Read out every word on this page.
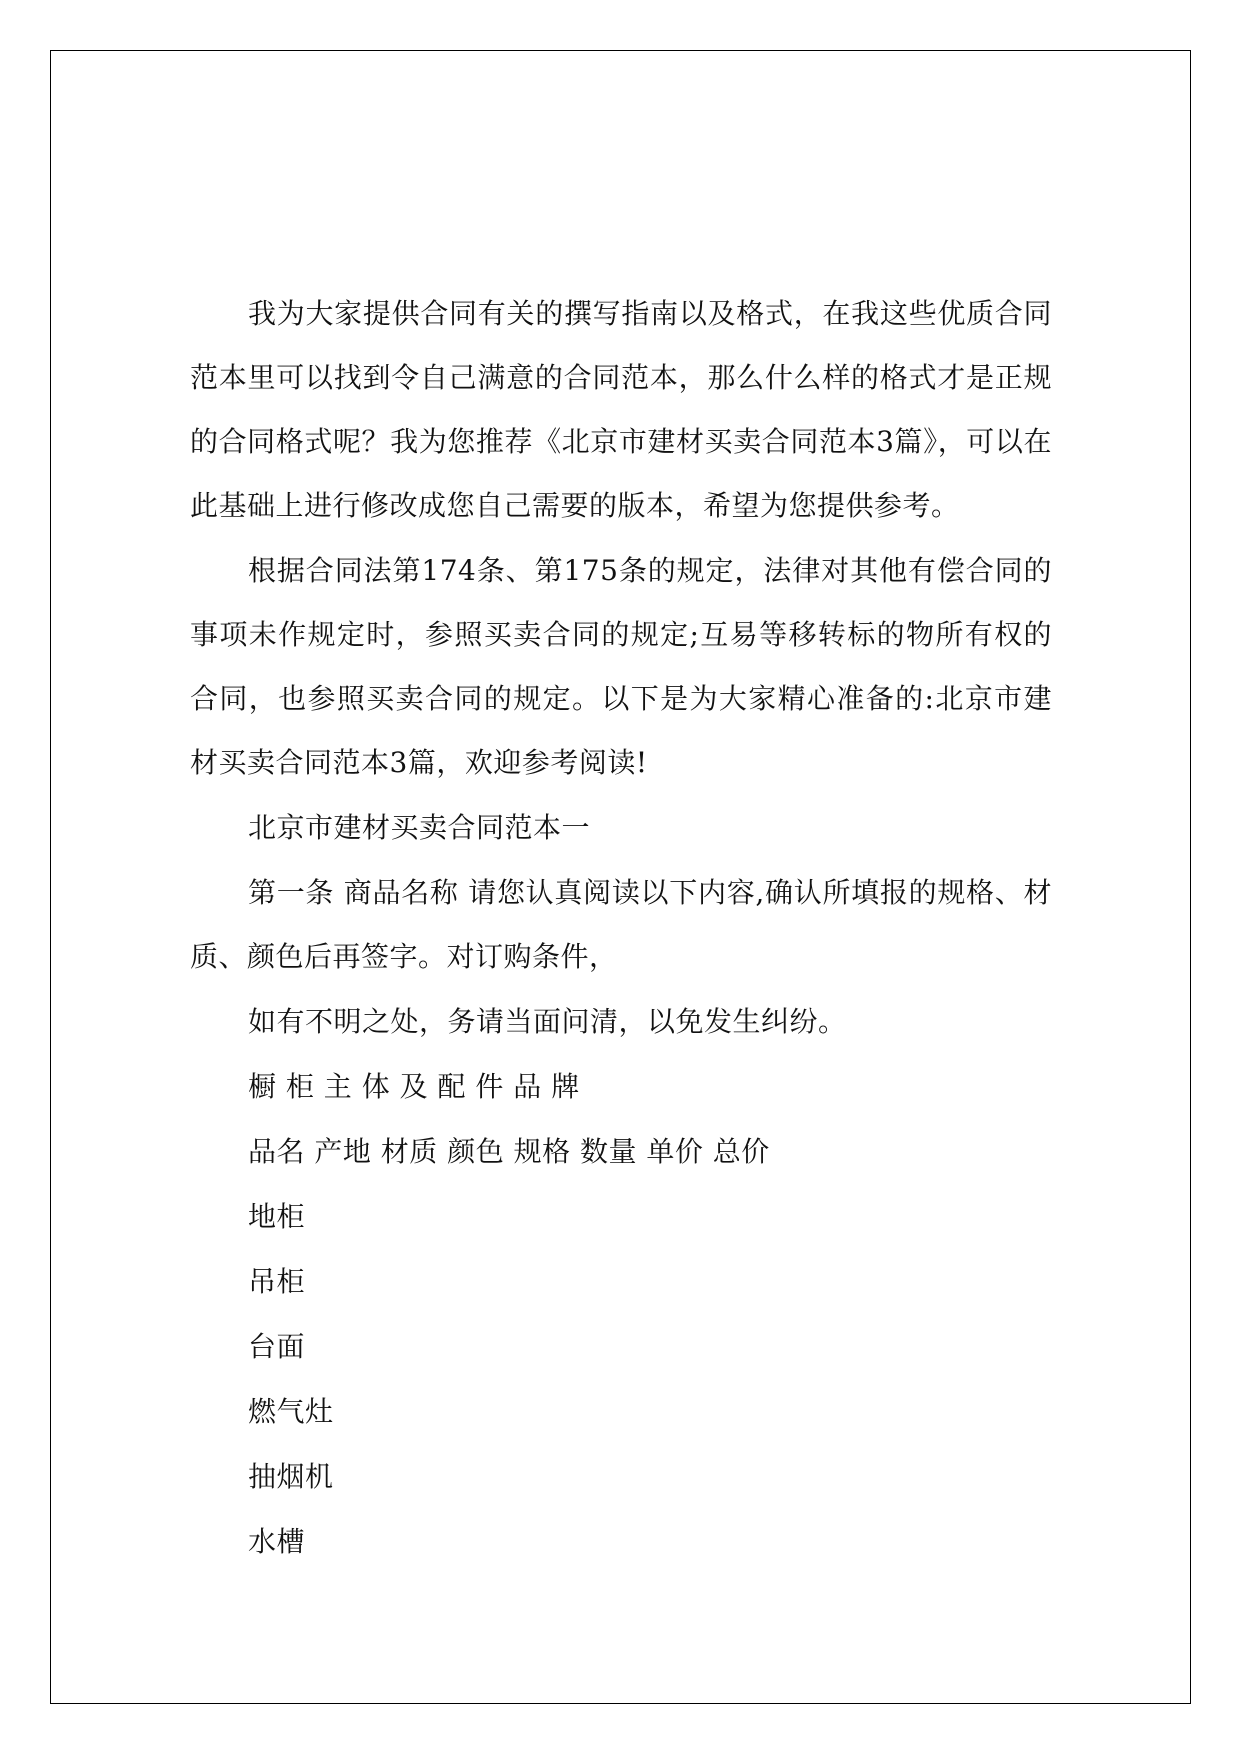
我为大家提供合同有关的撰写指南以及格式，在我这些优质合同范本里可以找到令自己满意的合同范本，那么什么样的格式才是正规的合同格式呢？我为您推荐《北京市建材买卖合同范本3篇》，可以在此基础上进行修改成您自己需要的版本，希望为您提供参考。

根据合同法第174条、第175条的规定，法律对其他有偿合同的事项未作规定时，参照买卖合同的规定;互易等移转标的物所有权的合同，也参照买卖合同的规定。以下是为大家精心准备的:北京市建材买卖合同范本3篇，欢迎参考阅读!

北京市建材买卖合同范本一

第一条 商品名称 请您认真阅读以下内容,确认所填报的规格、材质、颜色后再签字。对订购条件，

如有不明之处，务请当面问清，以免发生纠纷。

橱 柜 主 体 及 配 件 品 牌

品名 产地 材质 颜色 规格 数量 单价 总价

地柜

吊柜

台面

燃气灶

抽烟机

水槽
